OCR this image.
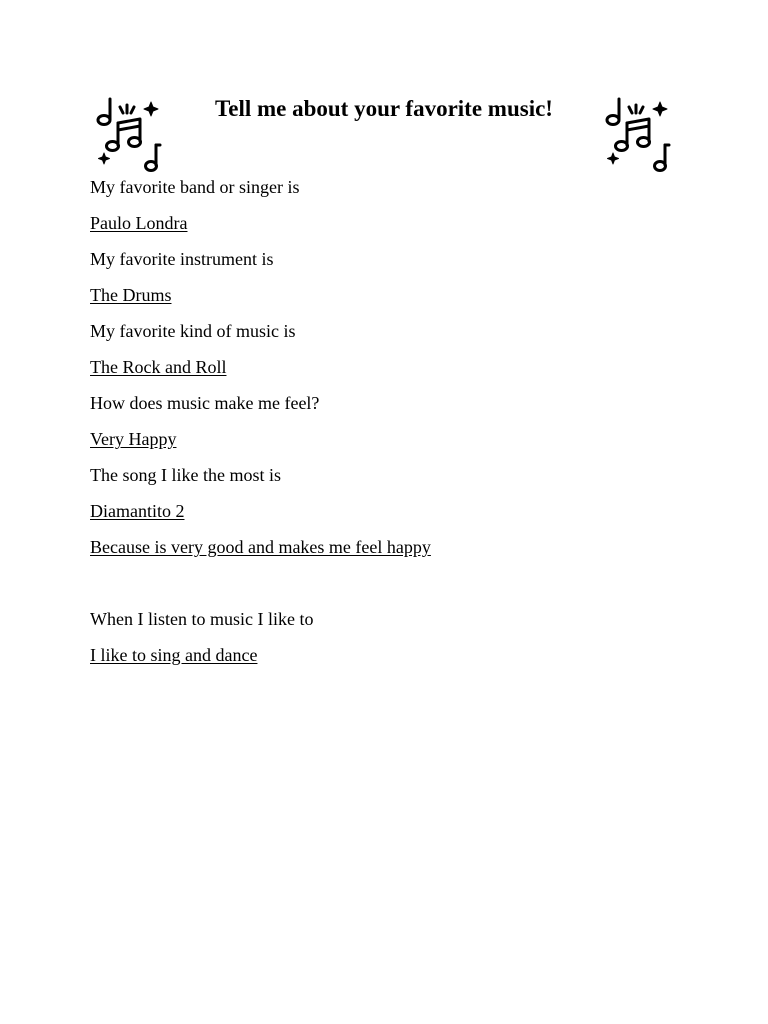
Tell me about your favorite music!
My favorite band or singer is
Paulo Londra
My favorite instrument is
The Drums
My favorite kind of music is
The Rock and Roll
How does music make me feel?
Very Happy
The song I like the most is
Diamantito 2
Because is very good and makes me feel happy
When I listen to music I like to
I like to sing and dance
